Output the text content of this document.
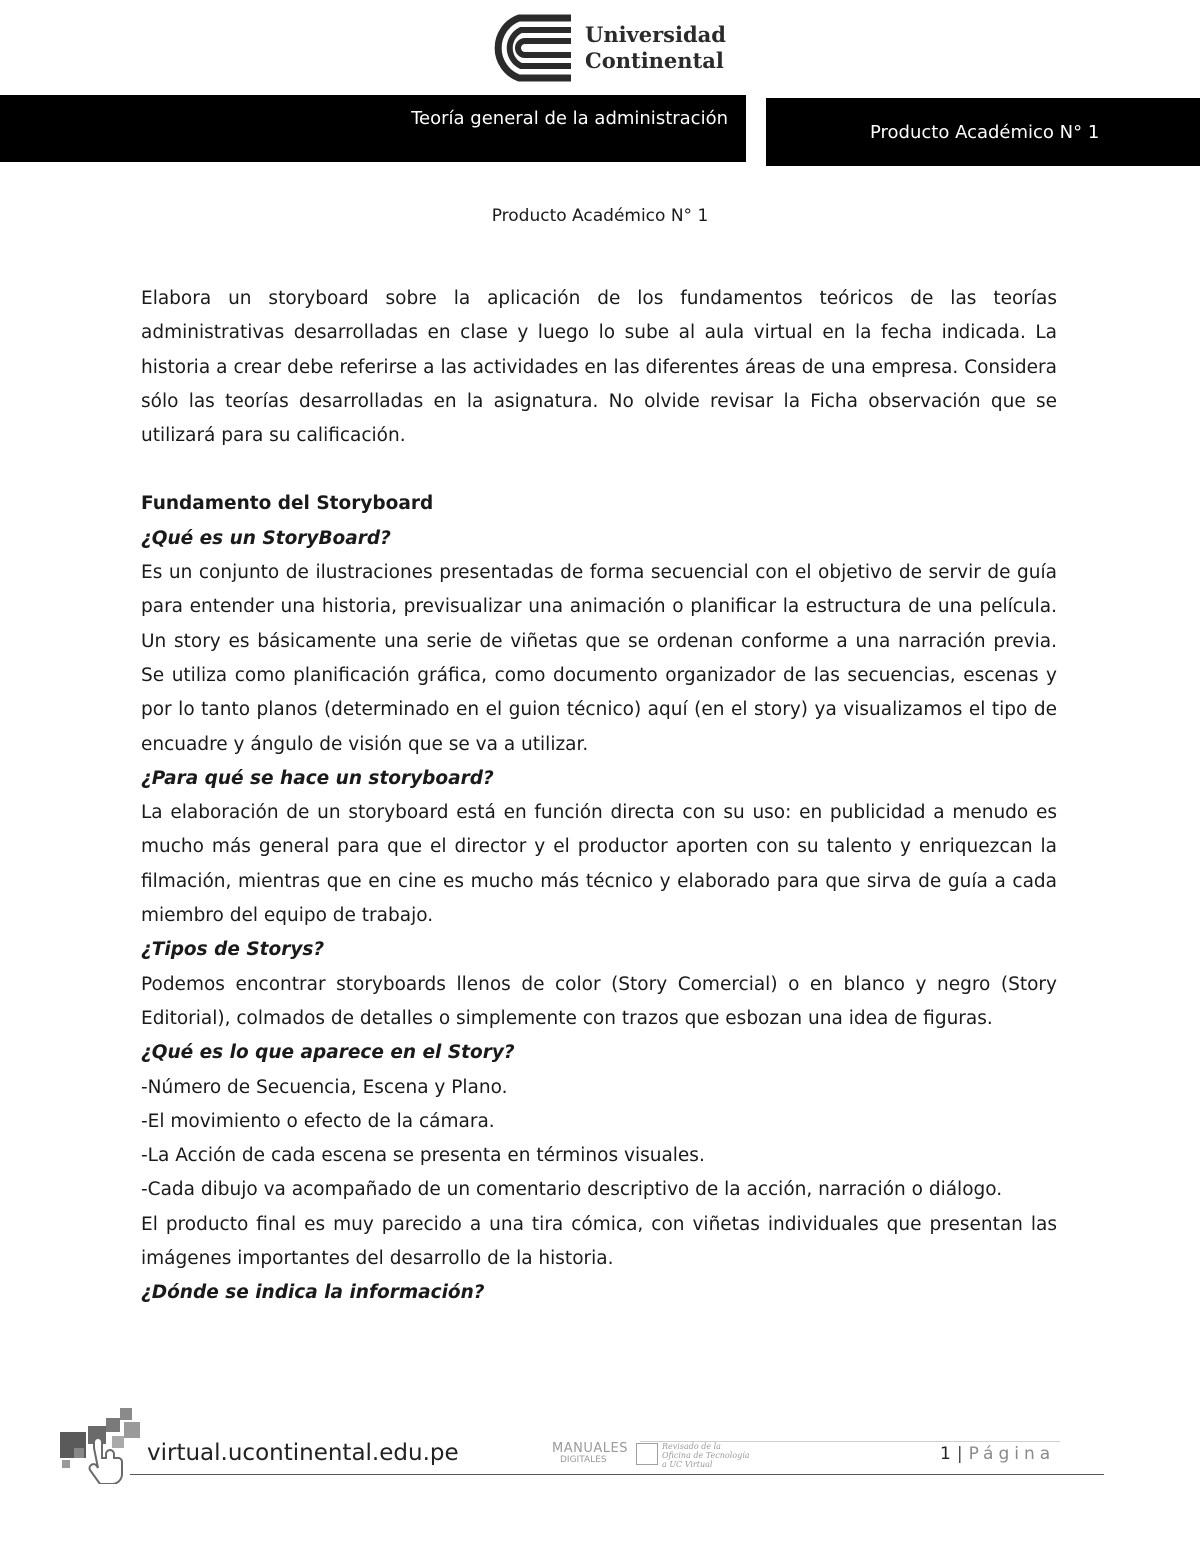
Universidad
Continental
Teoría general de la administración
Producto Académico N° 1
Producto Académico N° 1

Elabora un storyboard sobre la aplicación de los fundamentos teóricos de las teorías administrativas desarrolladas en clase y luego lo sube al aula virtual en la fecha indicada. La historia a crear debe referirse a las actividades en las diferentes áreas de una empresa. Considera sólo las teorías desarrolladas en la asignatura. No olvide revisar la Ficha observación que se utilizará para su calificación.

Fundamento del Storyboard

¿Qué es un StoryBoard?

Es un conjunto de ilustraciones presentadas de forma secuencial con el objetivo de servir de guía para entender una historia, previsualizar una animación o planificar la estructura de una película. Un story es básicamente una serie de viñetas que se ordenan conforme a una narración previa. Se utiliza como planificación gráfica, como documento organizador de las secuencias, escenas y por lo tanto planos (determinado en el guion técnico) aquí (en el story) ya visualizamos el tipo de encuadre y ángulo de visión que se va a utilizar.

¿Para qué se hace un storyboard?

La elaboración de un storyboard está en función directa con su uso: en publicidad a menudo es mucho más general para que el director y el productor aporten con su talento y enriquezcan la filmación, mientras que en cine es mucho más técnico y elaborado para que sirva de guía a cada miembro del equipo de trabajo.

¿Tipos de Storys?

Podemos encontrar storyboards llenos de color (Story Comercial) o en blanco y negro (Story Editorial), colmados de detalles o simplemente con trazos que esbozan una idea de figuras.

¿Qué es lo que aparece en el Story?

-Número de Secuencia, Escena y Plano.

-El movimiento o efecto de la cámara.

-La Acción de cada escena se presenta en términos visuales.

-Cada dibujo va acompañado de un comentario descriptivo de la acción, narración o diálogo.

El producto final es muy parecido a una tira cómica, con viñetas individuales que presentan las imágenes importantes del desarrollo de la historia.

¿Dónde se indica la información?

virtual.ucontinental.edu.pe	MANUALES
DIGITALES
Revisado de la Oficina de Tecnología a UC Virtual
1 | Página
